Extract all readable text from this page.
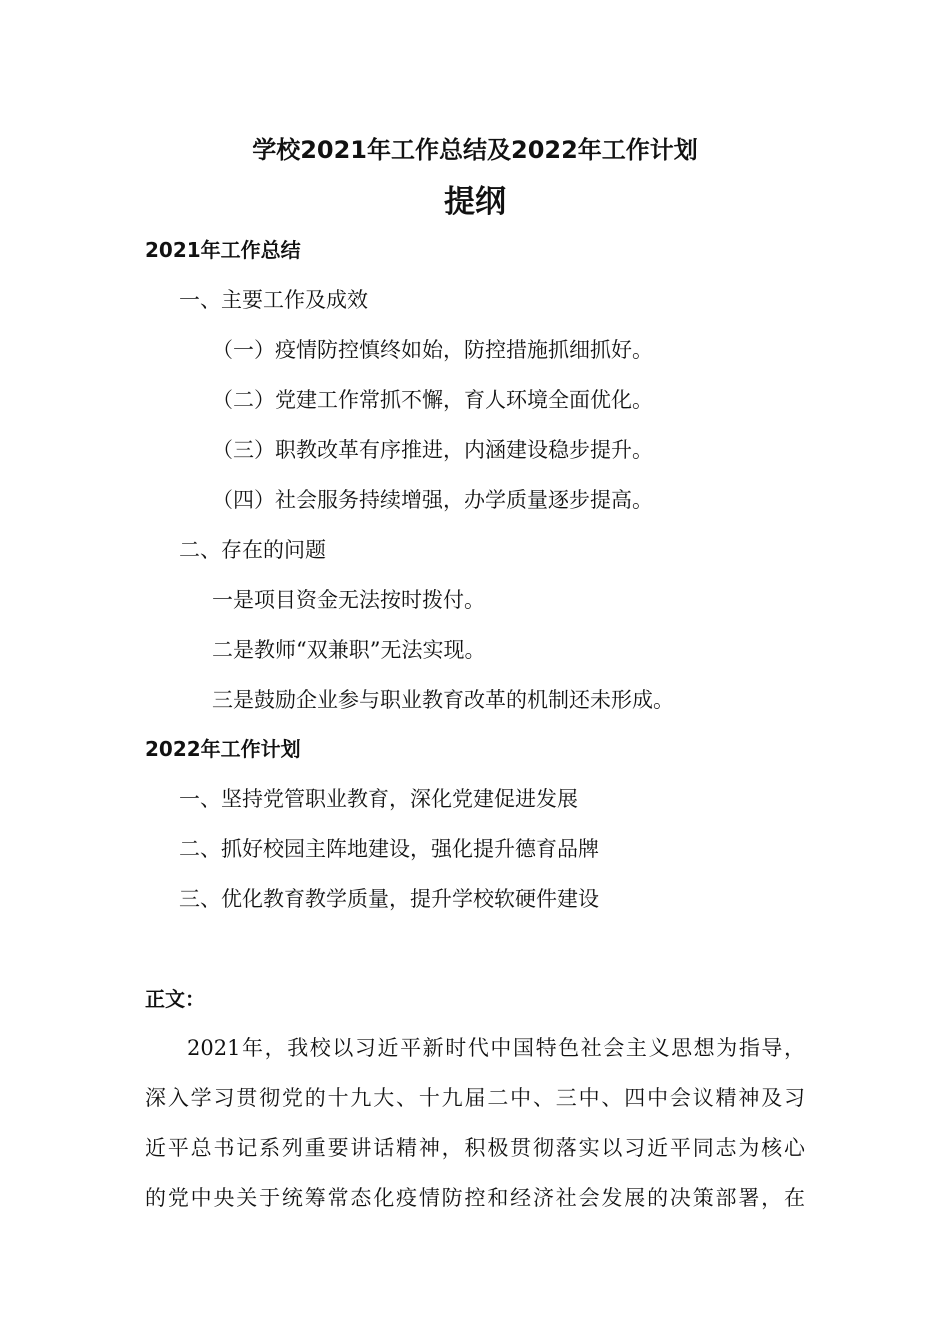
学校2021年工作总结及2022年工作计划
提纲
2021年工作总结
一、主要工作及成效
（一）疫情防控慎终如始，防控措施抓细抓好。
（二）党建工作常抓不懈，育人环境全面优化。
（三）职教改革有序推进，内涵建设稳步提升。
（四）社会服务持续增强，办学质量逐步提高。
二、存在的问题
一是项目资金无法按时拨付。
二是教师“双兼职”无法实现。
三是鼓励企业参与职业教育改革的机制还未形成。
2022年工作计划
一、坚持党管职业教育，深化党建促进发展
二、抓好校园主阵地建设，强化提升德育品牌
三、优化教育教学质量，提升学校软硬件建设
正文：
2021年，我校以习近平新时代中国特色社会主义思想为指导，
深入学习贯彻党的十九大、十九届二中、三中、四中会议精神及习
近平总书记系列重要讲话精神，积极贯彻落实以习近平同志为核心
的党中央关于统筹常态化疫情防控和经济社会发展的决策部署，在
